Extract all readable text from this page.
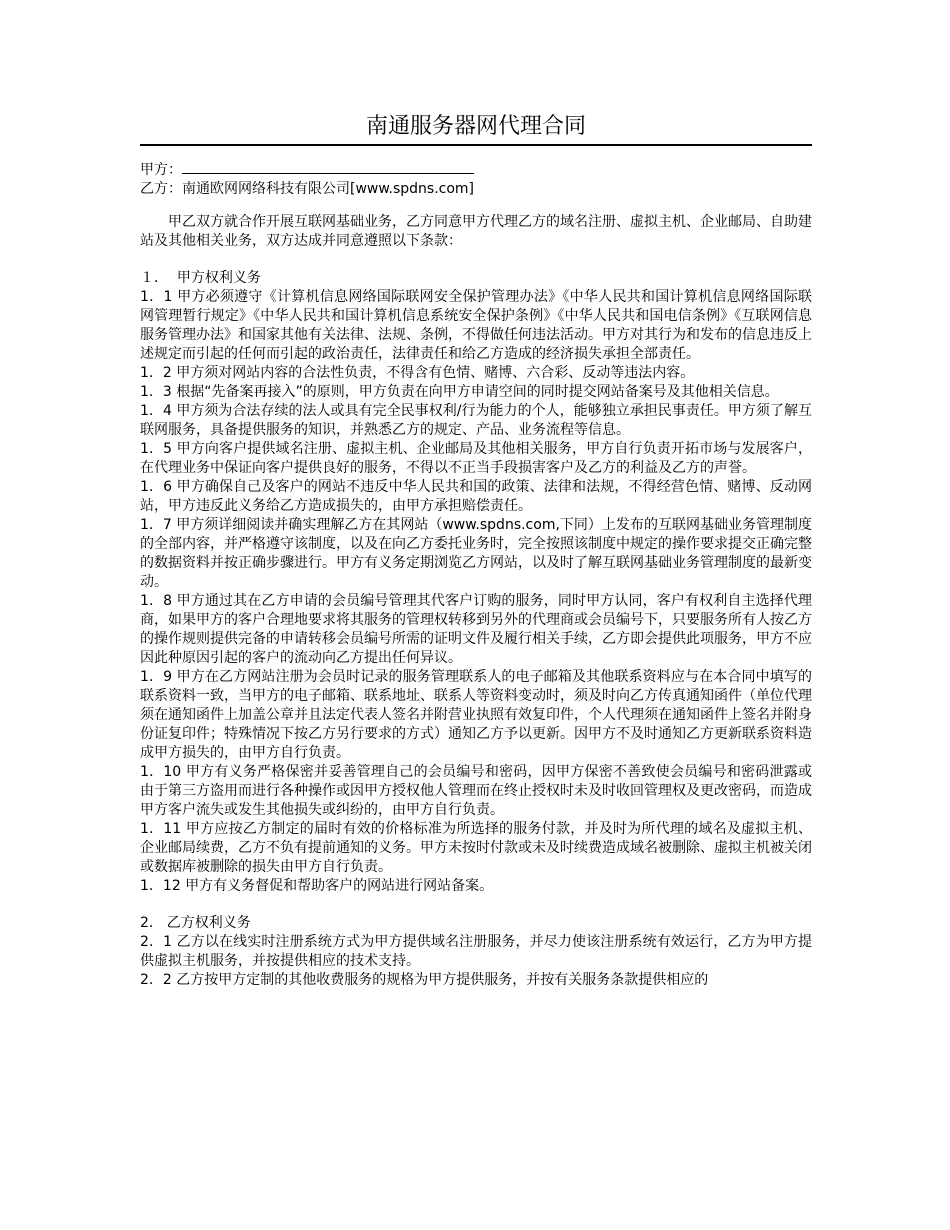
南通服务器网代理合同
甲方：
乙方：南通欧网网络科技有限公司[www.spdns.com]
甲乙双方就合作开展互联网基础业务，乙方同意甲方代理乙方的域名注册、虚拟主机、企业邮局、自助建站及其他相关业务，双方达成并同意遵照以下条款：
１．  甲方权利义务
1．1 甲方必须遵守《计算机信息网络国际联网安全保护管理办法》《中华人民共和国计算机信息网络国际联网管理暂行规定》《中华人民共和国计算机信息系统安全保护条例》《中华人民共和国电信条例》《互联网信息服务管理办法》和国家其他有关法律、法规、条例，不得做任何违法活动。甲方对其行为和发布的信息违反上述规定而引起的任何而引起的政治责任，法律责任和给乙方造成的经济损失承担全部责任。
1．2 甲方须对网站内容的合法性负责，不得含有色情、赌博、六合彩、反动等违法内容。
1．3 根据“先备案再接入”的原则，甲方负责在向甲方申请空间的同时提交网站备案号及其他相关信息。
1．4 甲方须为合法存续的法人或具有完全民事权利/行为能力的个人，能够独立承担民事责任。甲方须了解互联网服务，具备提供服务的知识，并熟悉乙方的规定、产品、业务流程等信息。
1．5 甲方向客户提供域名注册、虚拟主机、企业邮局及其他相关服务，甲方自行负责开拓市场与发展客户，在代理业务中保证向客户提供良好的服务，不得以不正当手段损害客户及乙方的利益及乙方的声誉。
1．6 甲方确保自己及客户的网站不违反中华人民共和国的政策、法律和法规，不得经营色情、赌博、反动网站，甲方违反此义务给乙方造成损失的，由甲方承担赔偿责任。
1．7 甲方须详细阅读并确实理解乙方在其网站（www.spdns.com,下同）上发布的互联网基础业务管理制度的全部内容，并严格遵守该制度，以及在向乙方委托业务时，完全按照该制度中规定的操作要求提交正确完整的数据资料并按正确步骤进行。甲方有义务定期浏览乙方网站，以及时了解互联网基础业务管理制度的最新变动。
1．8 甲方通过其在乙方申请的会员编号管理其代客户订购的服务，同时甲方认同，客户有权利自主选择代理商，如果甲方的客户合理地要求将其服务的管理权转移到另外的代理商或会员编号下，只要服务所有人按乙方的操作规则提供完备的申请转移会员编号所需的证明文件及履行相关手续，乙方即会提供此项服务，甲方不应因此种原因引起的客户的流动向乙方提出任何异议。
1．9 甲方在乙方网站注册为会员时记录的服务管理联系人的电子邮箱及其他联系资料应与在本合同中填写的联系资料一致，当甲方的电子邮箱、联系地址、联系人等资料变动时，须及时向乙方传真通知函件（单位代理须在通知函件上加盖公章并且法定代表人签名并附营业执照有效复印件，个人代理须在通知函件上签名并附身份证复印件；特殊情况下按乙方另行要求的方式）通知乙方予以更新。因甲方不及时通知乙方更新联系资料造成甲方损失的，由甲方自行负责。
1．10 甲方有义务严格保密并妥善管理自己的会员编号和密码，因甲方保密不善致使会员编号和密码泄露或由于第三方盗用而进行各种操作或因甲方授权他人管理而在终止授权时未及时收回管理权及更改密码，而造成甲方客户流失或发生其他损失或纠纷的，由甲方自行负责。
1．11 甲方应按乙方制定的届时有效的价格标准为所选择的服务付款，并及时为所代理的域名及虚拟主机、企业邮局续费，乙方不负有提前通知的义务。甲方未按时付款或未及时续费造成域名被删除、虚拟主机被关闭或数据库被删除的损失由甲方自行负责。
1．12 甲方有义务督促和帮助客户的网站进行网站备案。
2.   乙方权利义务
2．1 乙方以在线实时注册系统方式为甲方提供域名注册服务，并尽力使该注册系统有效运行，乙方为甲方提供虚拟主机服务，并按提供相应的技术支持。
2．2 乙方按甲方定制的其他收费服务的规格为甲方提供服务，并按有关服务条款提供相应的
